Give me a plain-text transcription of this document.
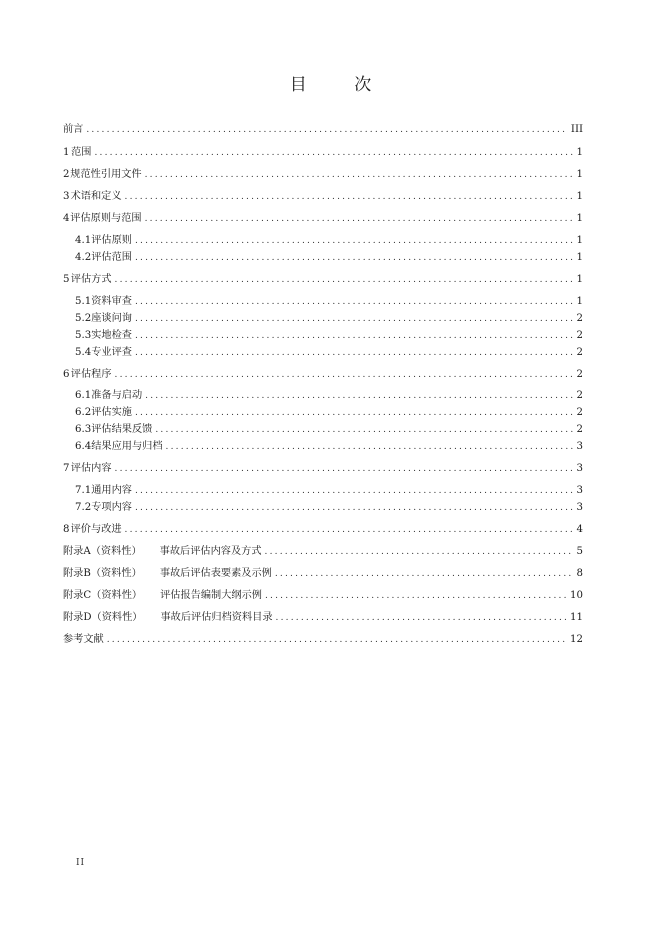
目	次
前言 .....	III
1 范围 .....	1
2 规范性引用文件 .....	1
3 术语和定义 .....	1
4 评估原则与范围 .....	1
4.1 评估原则 .....	1
4.2 评估范围 .....	1
5 评估方式 .....	1
5.1 资料审查 .....	1
5.2 座谈问询 .....	2
5.3 实地检查 .....	2
5.4 专业评查 .....	2
6 评估程序 .....	2
6.1 准备与启动 .....	2
6.2 评估实施 .....	2
6.3 评估结果反馈 .....	2
6.4 结果应用与归档 .....	3
7 评估内容 .....	3
7.1 通用内容 .....	3
7.2 专项内容 .....	3
8 评价与改进 .....	4
附录A（资料性） 事故后评估内容及方式 .....	5
附录B（资料性） 事故后评估表要素及示例 .....	8
附录C（资料性） 评估报告编制大纲示例 .....	10
附录D（资料性） 事故后评估归档资料目录 .....	11
参考文献 .....	12
II
